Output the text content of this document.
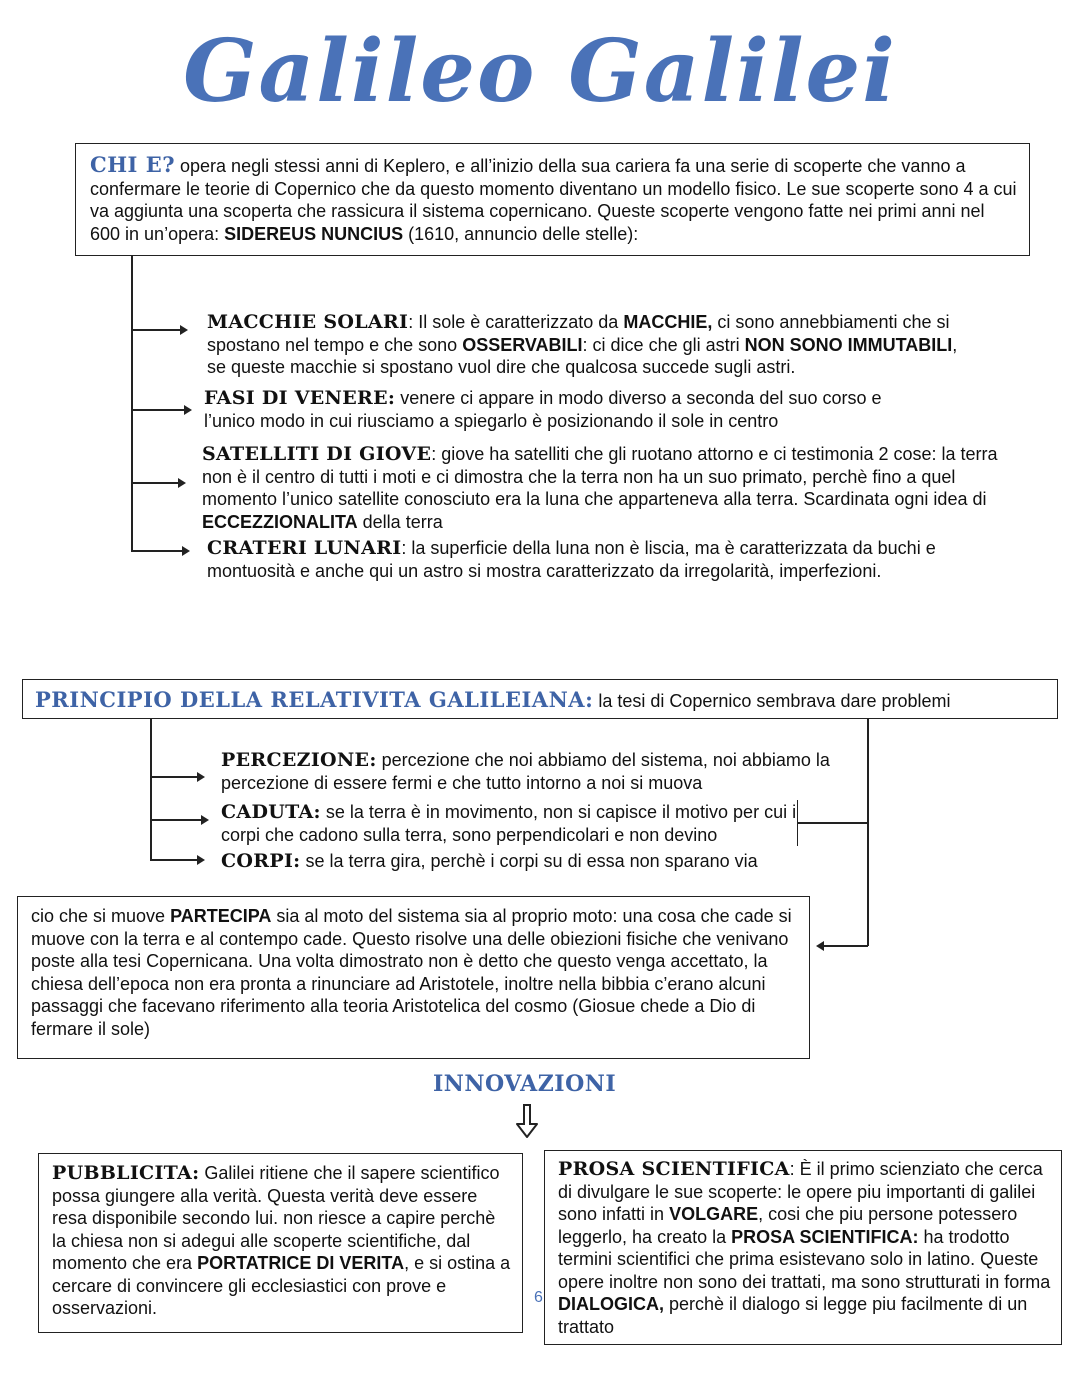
Galileo Galilei
CHI E? opera negli stessi anni di Keplero, e all’inizio della sua cariera fa una serie di scoperte che vanno a confermare le teorie di Copernico che da questo momento diventano un modello fisico. Le sue scoperte sono 4 a cui va aggiunta una scoperta che rassicura il sistema copernicano. Queste scoperte vengono fatte nei primi anni nel 600 in un’opera: SIDEREUS NUNCIUS (1610, annuncio delle stelle):
MACCHIE SOLARI: Il sole è caratterizzato da MACCHIE, ci sono annebbiamenti che si spostano nel tempo e che sono OSSERVABILI: ci dice che gli astri NON SONO IMMUTABILI, se queste macchie si spostano vuol dire che qualcosa succede sugli astri.
FASI DI VENERE: venere ci appare in modo diverso a seconda del suo corso e l’unico modo in cui riusciamo a spiegarlo è posizionando il sole in centro
SATELLITI DI GIOVE: giove ha satelliti che gli ruotano attorno e ci testimonia 2 cose: la terra non è il centro di tutti i moti e ci dimostra che la terra non ha un suo primato, perchè fino a quel momento l’unico satellite conosciuto era la luna che apparteneva alla terra. Scardinata ogni idea di ECCEZZIONALITA della terra
CRATERI LUNARI: la superficie della luna non è liscia, ma è caratterizzata da buchi e montuosità e anche qui un astro si mostra caratterizzato da irregolarità, imperfezioni.
PRINCIPIO DELLA RELATIVITA GALILEIANA: la tesi di Copernico sembrava dare problemi
PERCEZIONE: percezione che noi abbiamo del sistema, noi abbiamo la percezione di essere fermi e che tutto intorno a noi si muova
CADUTA: se la terra è in movimento, non si capisce il motivo per cui i corpi che cadono sulla terra, sono perpendicolari e non devino
CORPI: se la terra gira, perchè i corpi su di essa non sparano via
cio che si muove PARTECIPA sia al moto del sistema sia al proprio moto: una cosa che cade si muove con la terra e al contempo cade. Questo risolve una delle obiezioni fisiche che venivano poste alla tesi Copernicana. Una volta dimostrato non è detto che questo venga accettato, la chiesa dell’epoca non era pronta a rinunciare ad Aristotele, inoltre nella bibbia c’erano alcuni passaggi che facevano riferimento alla teoria Aristotelica del cosmo (Giosue chede a Dio di fermare il sole)
INNOVAZIONI
PUBBLICITA: Galilei ritiene che il sapere scientifico possa giungere alla verità. Questa verità deve essere resa disponibile secondo lui. non riesce a capire perchè la chiesa non si adegui alle scoperte scientifiche, dal momento che era PORTATRICE DI VERITA, e si ostina a cercare di convincere gli ecclesiastici con prove e osservazioni.
6
PROSA SCIENTIFICA: È il primo scienziato che cerca di divulgare le sue scoperte: le opere piu importanti di galilei sono infatti in VOLGARE, cosi che piu persone potessero leggerlo, ha creato la PROSA SCIENTIFICA: ha trodotto termini scientifici che prima esistevano solo in latino. Queste opere inoltre non sono dei trattati, ma sono strutturati in forma DIALOGICA, perchè il dialogo si legge piu facilmente di un trattato
